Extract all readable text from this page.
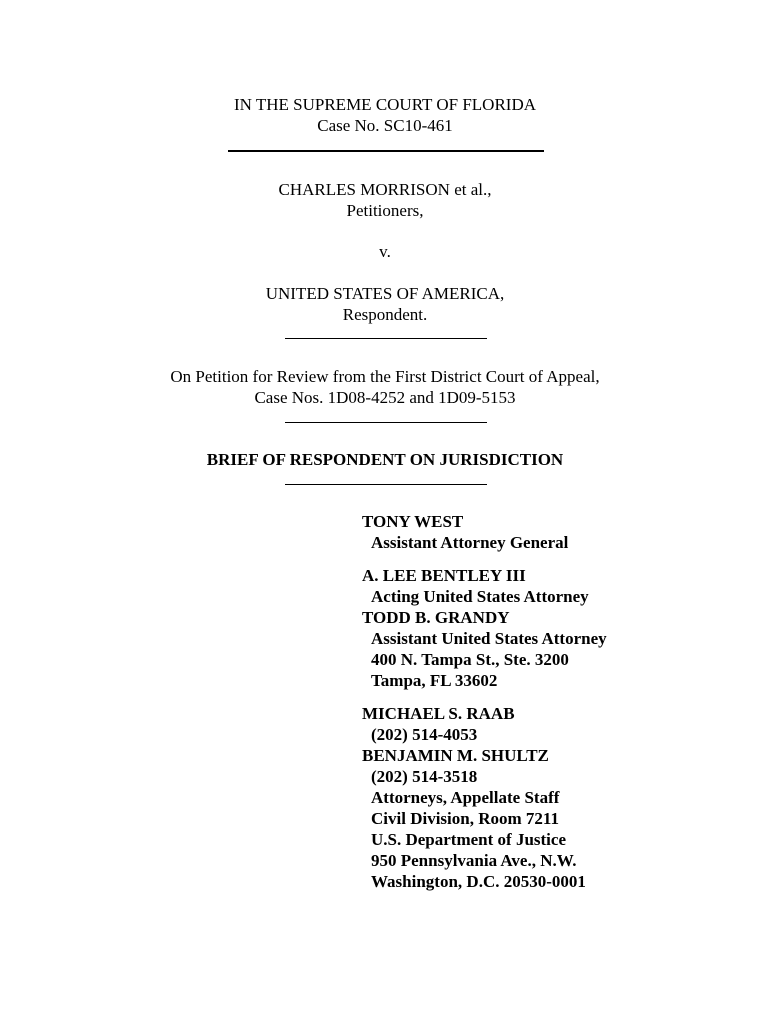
IN THE SUPREME COURT OF FLORIDA
Case No. SC10-461
CHARLES MORRISON et al.,
Petitioners,
v.
UNITED STATES OF AMERICA,
Respondent.
On Petition for Review from the First District Court of Appeal,
Case Nos. 1D08-4252 and 1D09-5153
BRIEF OF RESPONDENT ON JURISDICTION
TONY WEST
Assistant Attorney General
A. LEE BENTLEY III
Acting United States Attorney
TODD B. GRANDY
Assistant United States Attorney
400 N. Tampa St., Ste. 3200
Tampa, FL 33602
MICHAEL S. RAAB
(202) 514-4053
BENJAMIN M. SHULTZ
(202) 514-3518
Attorneys, Appellate Staff
Civil Division, Room 7211
U.S. Department of Justice
950 Pennsylvania Ave., N.W.
Washington, D.C. 20530-0001
